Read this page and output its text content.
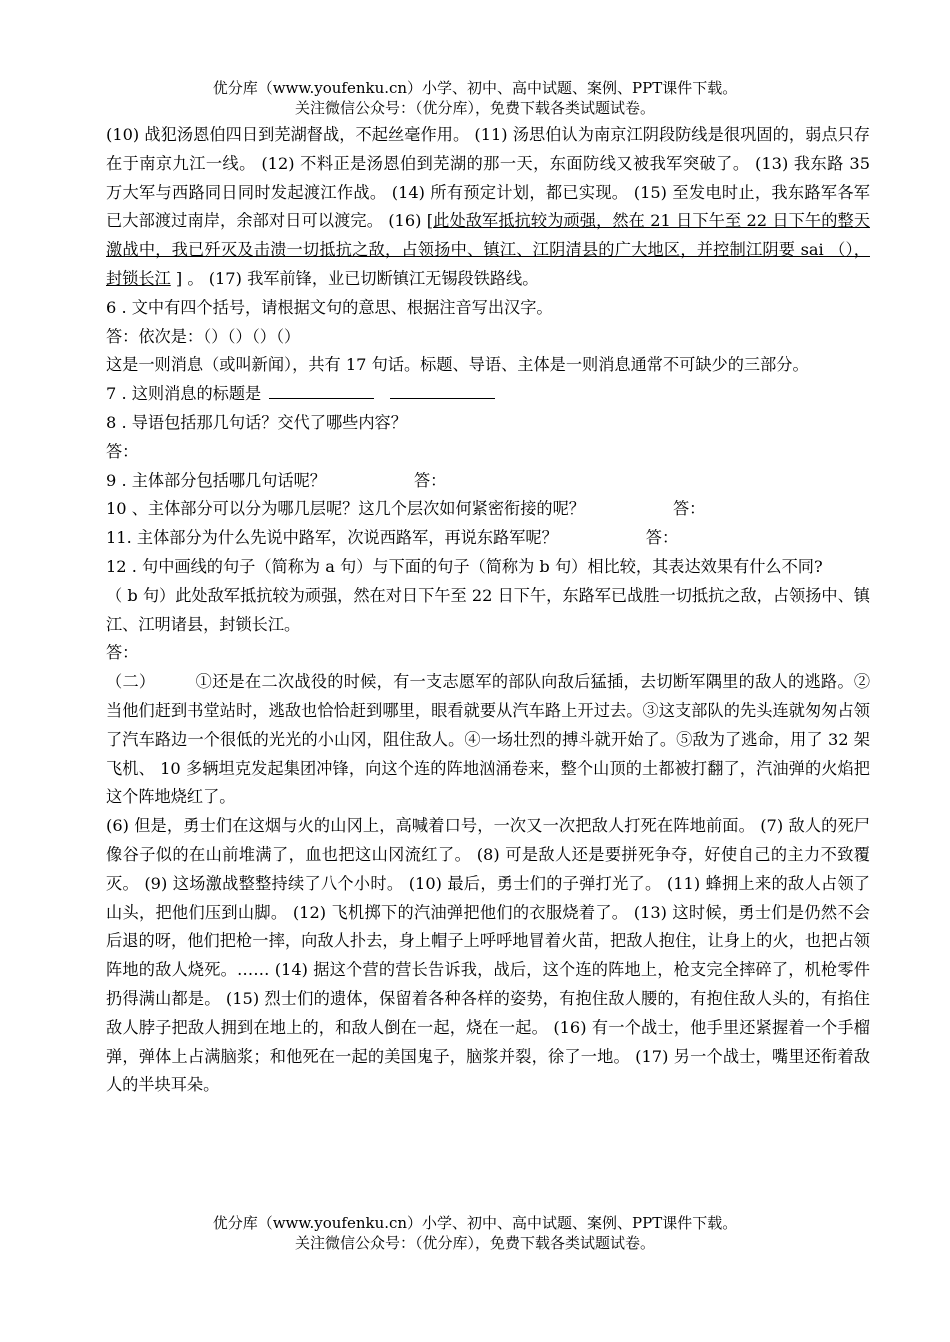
优分库（www.youfenku.cn）小学、初中、高中试题、案例、PPT课件下载。
关注微信公众号：（优分库），免费下载各类试题试卷。

(10) 战犯汤恩伯四日到芜湖督战，不起丝毫作用。 (11) 汤思伯认为南京江阴段防线是很巩固的，弱点只存在于南京九江一线。 (12) 不料正是汤恩伯到芜湖的那一天，东面防线又被我军突破了。 (13) 我东路 35 万大军与西路同日同时发起渡江作战。 (14) 所有预定计划，都已实现。 (15) 至发电时止，我东路军各军已大部渡过南岸，余部对日可以渡完。 (16) [此处敌军抵抗较为顽强，然在 21 日下午至 22 日下午的整天激战中，我已歼灭及击溃一切抵抗之敌，占领扬中、镇江、江阴清县的广大地区，并控制江阴要 sai （），封锁长江 ] 。 (17) 我军前锋，业已切断镇江无锡段铁路线。

6 . 文中有四个括号，请根据文句的意思、根据注音写出汉字。

答：依次是：（）（）（）（）

这是一则消息（或叫新闻），共有 17 句话。标题、导语、主体是一则消息通常不可缺少的三部分。

7 . 这则消息的标题是

8 . 导语包括那几句话？交代了哪些内容？

答：

9 . 主体部分包括哪几句话呢？	答：

10 、主体部分可以分为哪几层呢？这几个层次如何紧密衔接的呢？	答：

11. 主体部分为什么先说中路军，次说西路军，再说东路军呢？	答：

12 . 句中画线的句子（简称为 a 句）与下面的句子（简称为 b 句）相比较，其表达效果有什么不同?

（ b 句）此处敌军抵抗较为顽强，然在对日下午至 22 日下午，东路军已战胜一切抵抗之敌，占领扬中、镇江、江明诸县，封锁长江。

答：

（二） ①还是在二次战役的时候，有一支志愿军的部队向敌后猛插，去切断军隅里的敌人的逃路。②当他们赶到书堂站时，逃敌也恰恰赶到哪里，眼看就要从汽车路上开过去。③这支部队的先头连就匆匆占领了汽车路边一个很低的光光的小山冈，阻住敌人。④一场壮烈的搏斗就开始了。⑤敌为了逃命，用了 32 架飞机、 10 多辆坦克发起集团冲锋，向这个连的阵地汹涌卷来，整个山顶的土都被打翻了，汽油弹的火焰把这个阵地烧红了。

(6) 但是，勇士们在这烟与火的山冈上，高喊着口号，一次又一次把敌人打死在阵地前面。 (7) 敌人的死尸像谷子似的在山前堆满了，血也把这山冈流红了。 (8) 可是敌人还是要拼死争夺，好使自己的主力不致覆灭。 (9) 这场激战整整持续了八个小时。 (10) 最后，勇士们的子弹打光了。 (11) 蜂拥上来的敌人占领了山头，把他们压到山脚。 (12) 飞机掷下的汽油弹把他们的衣服烧着了。 (13) 这时候，勇士们是仍然不会后退的呀，他们把枪一摔，向敌人扑去，身上帽子上呼呼地冒着火苗，把敌人抱住，让身上的火，也把占领阵地的敌人烧死。…… (14) 据这个营的营长告诉我，战后，这个连的阵地上，枪支完全摔碎了，机枪零件扔得满山都是。 (15) 烈士们的遗体，保留着各种各样的姿势，有抱住敌人腰的，有抱住敌人头的，有掐住敌人脖子把敌人拥到在地上的，和敌人倒在一起，烧在一起。 (16) 有一个战士，他手里还紧握着一个手榴弹，弹体上占满脑浆；和他死在一起的美国鬼子，脑浆并裂，徐了一地。 (17) 另一个战士，嘴里还衔着敌人的半块耳朵。

优分库（www.youfenku.cn）小学、初中、高中试题、案例、PPT课件下载。
关注微信公众号：（优分库），免费下载各类试题试卷。
